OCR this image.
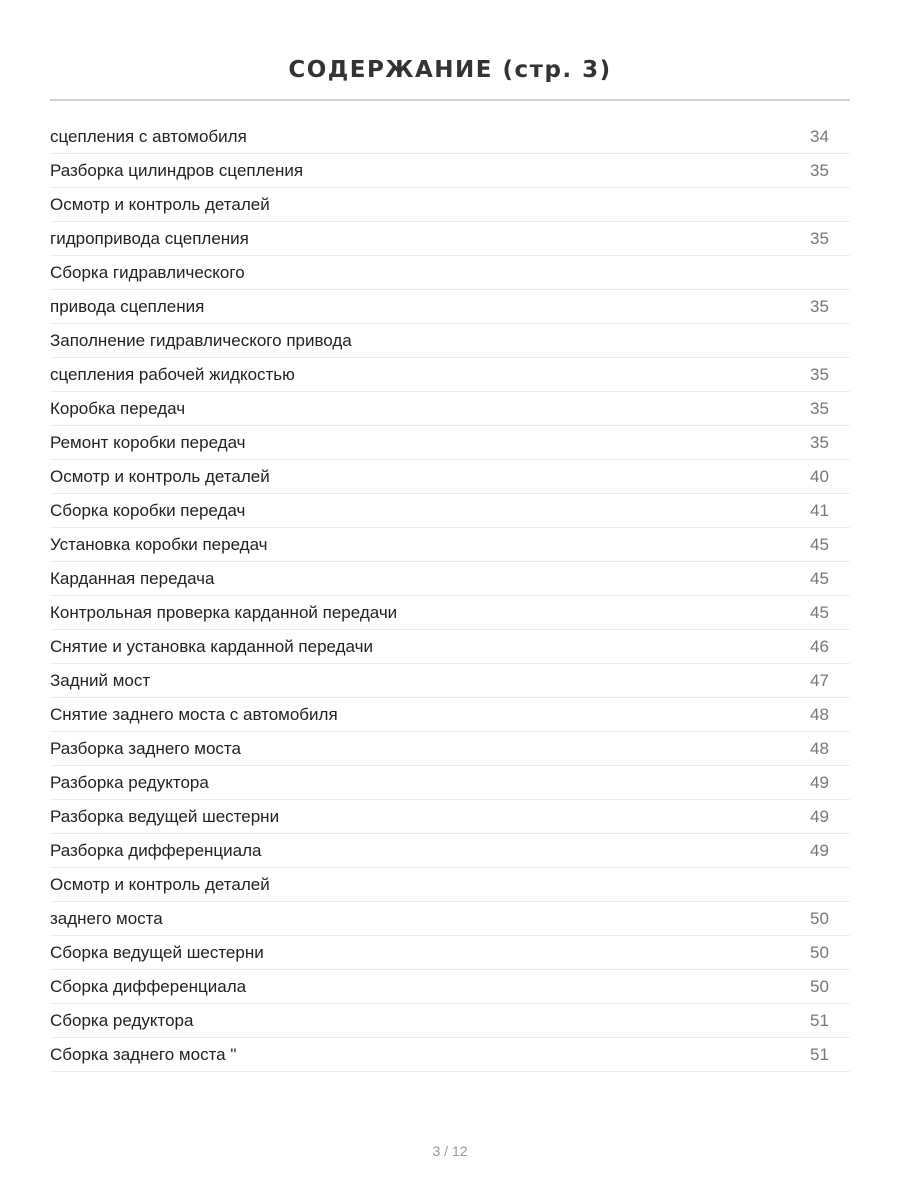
СОДЕРЖАНИЕ (стр. 3)
сцепления с автомобиля	34
Разборка цилиндров сцепления	35
Осмотр и контроль деталей
гидропривода сцепления	35
Сборка гидравлического
привода сцепления	35
Заполнение гидравлического привода
сцепления рабочей жидкостью	35
Коробка передач	35
Ремонт коробки передач	35
Осмотр и контроль деталей	40
Сборка коробки передач	41
Установка коробки передач	45
Карданная передача	45
Контрольная проверка карданной передачи	45
Снятие и установка карданной передачи	46
Задний мост	47
Снятие заднего моста с автомобиля	48
Разборка заднего моста	48
Разборка редуктора	49
Разборка ведущей шестерни	49
Разборка дифференциала	49
Осмотр и контроль деталей
заднего моста	50
Сборка ведущей шестерни	50
Сборка дифференциала	50
Сборка редуктора	51
Сборка заднего моста "	51
3 / 12
